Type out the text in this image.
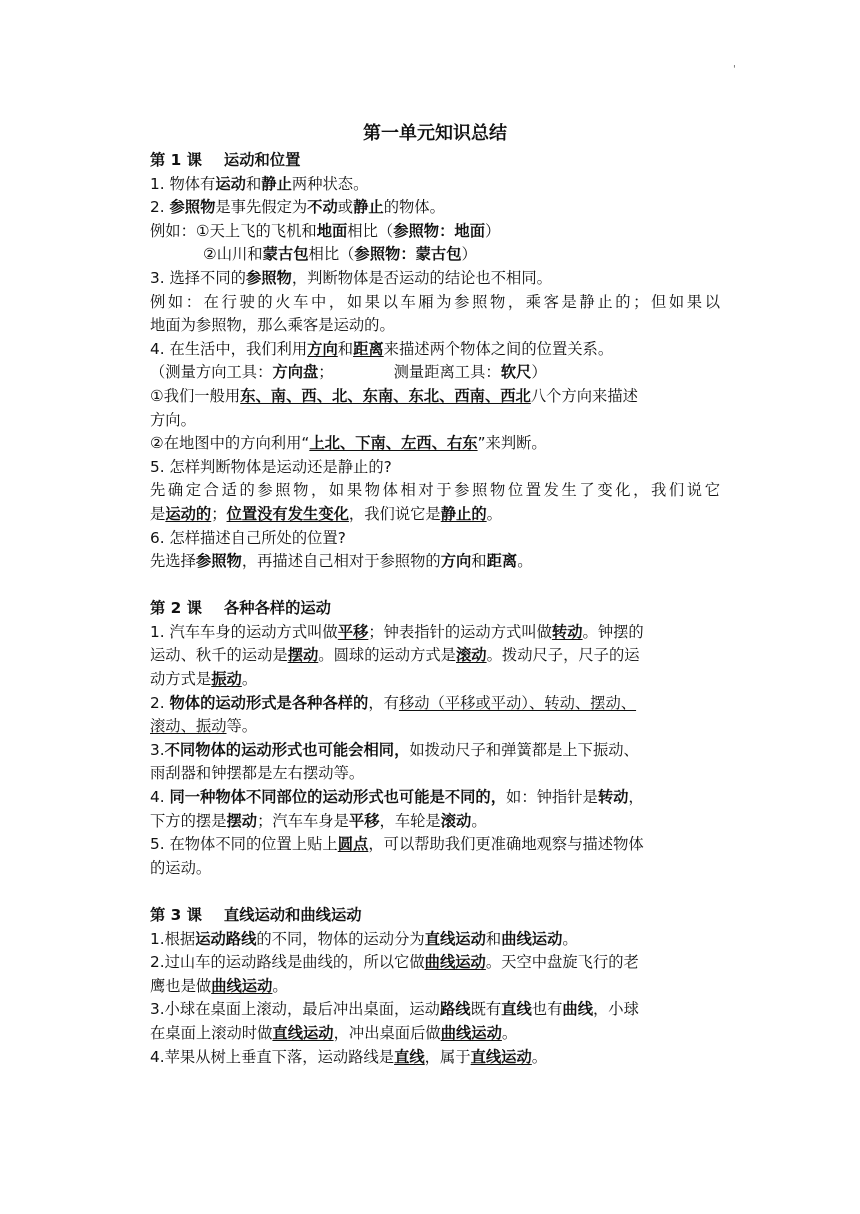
'
第一单元知识总结
第 1 课 运动和位置
1. 物体有运动和静止两种状态。
2. 参照物是事先假定为不动或静止的物体。
例如：①天上飞的飞机和地面相比（参照物：地面）
②山川和蒙古包相比（参照物：蒙古包）
3. 选择不同的参照物，判断物体是否运动的结论也不相同。
例如：在行驶的火车中，如果以车厢为参照物，乘客是静止的；但如果以
地面为参照物，那么乘客是运动的。
4. 在生活中，我们利用方向和距离来描述两个物体之间的位置关系。
（测量方向工具：方向盘；	测量距离工具：软尺）
①我们一般用东、南、西、北、东南、东北、西南、西北八个方向来描述
方向。
②在地图中的方向利用“上北、下南、左西、右东”来判断。
5. 怎样判断物体是运动还是静止的?
先确定合适的参照物，如果物体相对于参照物位置发生了变化，我们说它
是运动的；位置没有发生变化，我们说它是静止的。
6. 怎样描述自己所处的位置?
先选择参照物，再描述自己相对于参照物的方向和距离。
第 2 课 各种各样的运动
1. 汽车车身的运动方式叫做平移；钟表指针的运动方式叫做转动。钟摆的
运动、秋千的运动是摆动。圆球的运动方式是滚动。拨动尺子，尺子的运
动方式是振动。
2. 物体的运动形式是各种各样的，有移动（平移或平动）、转动、摆动、
滚动、振动等。
3.不同物体的运动形式也可能会相同，如拨动尺子和弹簧都是上下振动、
雨刮器和钟摆都是左右摆动等。
4. 同一种物体不同部位的运动形式也可能是不同的，如：钟指针是转动，
下方的摆是摆动；汽车车身是平移，车轮是滚动。
5. 在物体不同的位置上贴上圆点，可以帮助我们更准确地观察与描述物体
的运动。
第 3 课 直线运动和曲线运动
1.根据运动路线的不同，物体的运动分为直线运动和曲线运动。
2.过山车的运动路线是曲线的，所以它做曲线运动。天空中盘旋飞行的老
鹰也是做曲线运动。
3.小球在桌面上滚动，最后冲出桌面，运动路线既有直线也有曲线，小球
在桌面上滚动时做直线运动，冲出桌面后做曲线运动。
4.苹果从树上垂直下落，运动路线是直线，属于直线运动。
